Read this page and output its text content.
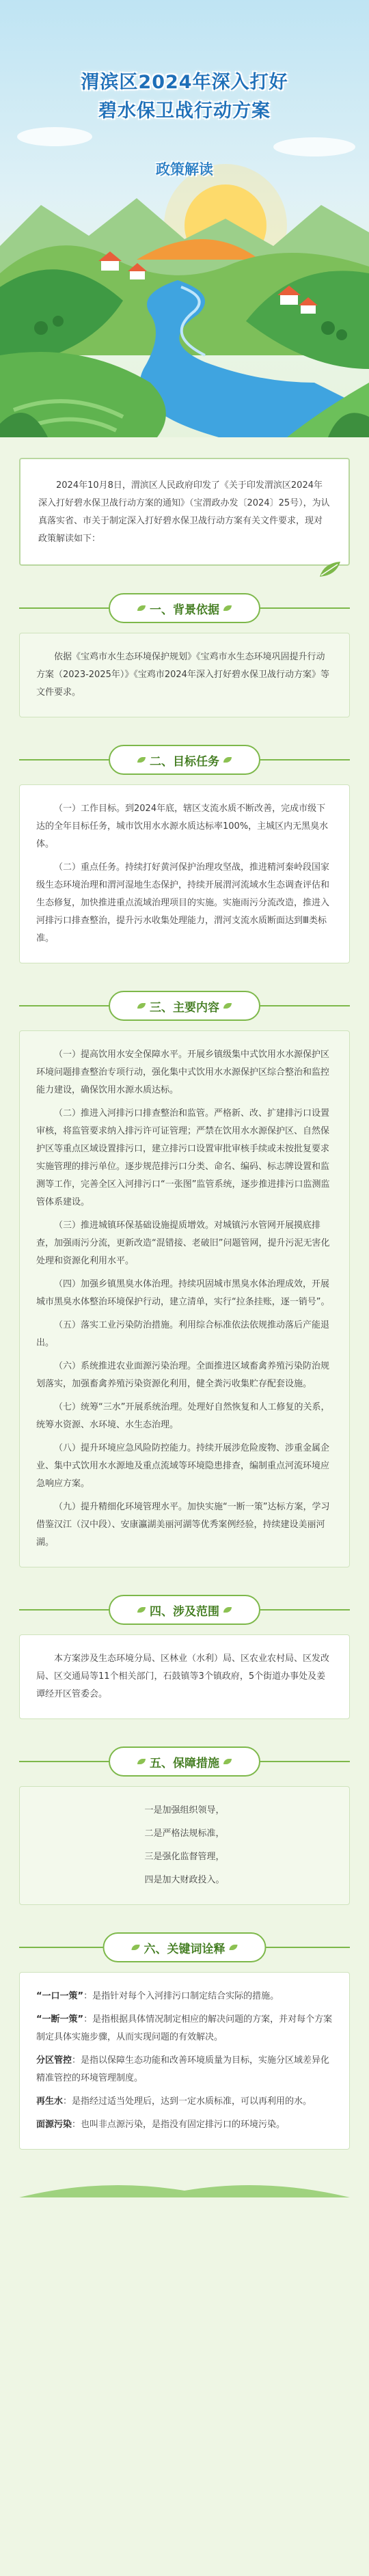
渭滨区2024年深入打好
碧水保卫战行动方案
政策解读

2024年10月8日，渭滨区人民政府印发了《关于印发渭滨区2024年深入打好碧水保卫战行动方案的通知》（宝渭政办发〔2024〕25号），为认真落实省、市关于制定深入打好碧水保卫战行动方案有关文件要求，现对政策解读如下：

一、背景依据

依据《宝鸡市水生态环境保护规划》《宝鸡市水生态环境巩固提升行动方案（2023-2025年）》《宝鸡市2024年深入打好碧水保卫战行动方案》等文件要求。

二、目标任务

（一）工作目标。到2024年底，辖区支流水质不断改善，完成市级下达的全年目标任务，城市饮用水水源水质达标率100%，主城区内无黑臭水体。

（二）重点任务。持续打好黄河保护治理攻坚战，推进精河秦岭段国家级生态环境治理和渭河湿地生态保护，持续开展渭河流域水生态调查评估和生态修复，加快推进重点流域治理项目的实施。实施雨污分流改造，推进入河排污口排查整治，提升污水收集处理能力，渭河支流水质断面达到Ⅲ类标准。

三、主要内容

（一）提高饮用水安全保障水平。开展乡镇级集中式饮用水水源保护区环境问题排查整治专项行动，强化集中式饮用水水源保护区综合整治和监控能力建设，确保饮用水源水质达标。

（二）推进入河排污口排查整治和监管。严格新、改、扩建排污口设置审核，将监管要求纳入排污许可证管理；严禁在饮用水水源保护区、自然保护区等重点区域设置排污口，建立排污口设置审批审核手续或未按批复要求实施管理的排污单位。逐步规范排污口分类、命名、编码、标志牌设置和监测等工作，完善全区入河排污口“一张图”监管系统，逐步推进排污口监测监管体系建设。

（三）推进城镇环保基础设施提质增效。对城镇污水管网开展摸底排查，加强雨污分流，更新改造“混错接、老破旧”问题管网，提升污泥无害化处理和资源化利用水平。

（四）加强乡镇黑臭水体治理。持续巩固城市黑臭水体治理成效，开展城市黑臭水体整治环境保护行动，建立清单，实行“拉条挂账，逐一销号”。

（五）落实工业污染防治措施。利用综合标准依法依规推动落后产能退出。

（六）系统推进农业面源污染治理。全面推进区域畜禽养殖污染防治规划落实，加强畜禽养殖污染资源化利用，健全粪污收集贮存配套设施。

（七）统筹“三水”开展系统治理。处理好自然恢复和人工修复的关系，统筹水资源、水环境、水生态治理。

（八）提升环境应急风险防控能力。持续开展涉危险废物、涉重金属企业、集中式饮用水水源地及重点流域等环境隐患排查，编制重点河流环境应急响应方案。

（九）提升精细化环境管理水平。加快实施“一断一策”达标方案，学习借鉴汉江（汉中段）、安康瀛湖美丽河湖等优秀案例经验，持续建设美丽河湖。

四、涉及范围

本方案涉及生态环境分局、区林业（水利）局、区农业农村局、区发改局、区交通局等11个相关部门，石鼓镇等3个镇政府，5个街道办事处及姜谭经开区管委会。

五、保障措施

一是加强组织领导，

二是严格法规标准，

三是强化监督管理，

四是加大财政投入。

六、关键词诠释

“一口一策”：是指针对每个入河排污口制定结合实际的措施。

“一断一策”：是指根据具体情况制定相应的解决问题的方案，并对每个方案制定具体实施步骤，从而实现问题的有效解决。

分区管控：是指以保障生态功能和改善环境质量为目标，实施分区域差异化精准管控的环境管理制度。

再生水：是指经过适当处理后，达到一定水质标准，可以再利用的水。

面源污染：也叫非点源污染，是指没有固定排污口的环境污染。
